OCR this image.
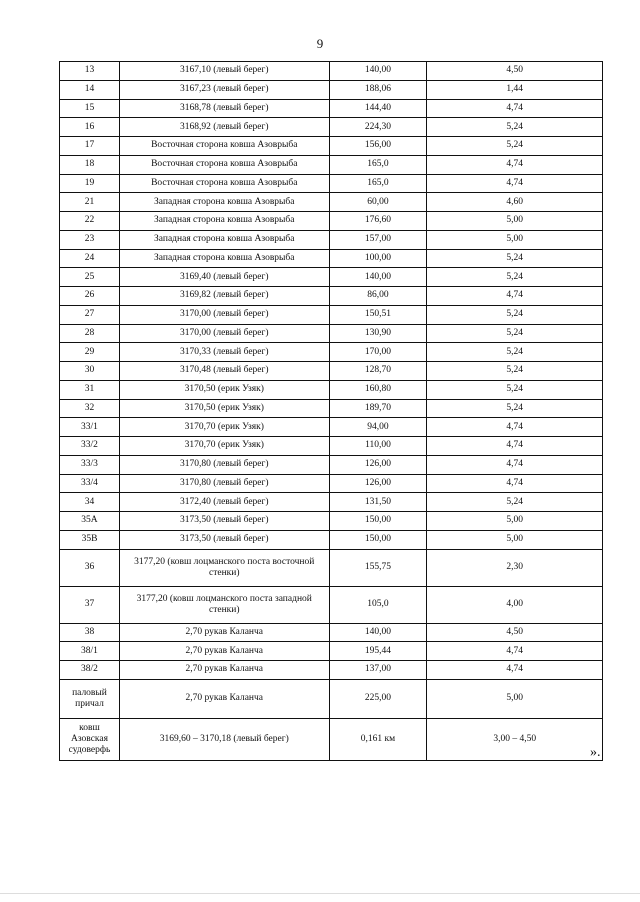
9
13	3167,10 (левый берег)	140,00	4,50
14	3167,23 (левый берег)	188,06	1,44
15	3168,78 (левый берег)	144,40	4,74
16	3168,92 (левый берег)	224,30	5,24
17	Восточная сторона ковша Азоврыба	156,00	5,24
18	Восточная сторона ковша Азоврыба	165,0	4,74
19	Восточная сторона ковша Азоврыба	165,0	4,74
21	Западная сторона ковша Азоврыба	60,00	4,60
22	Западная сторона ковша Азоврыба	176,60	5,00
23	Западная сторона ковша Азоврыба	157,00	5,00
24	Западная сторона ковша Азоврыба	100,00	5,24
25	3169,40 (левый берег)	140,00	5,24
26	3169,82 (левый берег)	86,00	4,74
27	3170,00 (левый берег)	150,51	5,24
28	3170,00 (левый берег)	130,90	5,24
29	3170,33 (левый берег)	170,00	5,24
30	3170,48 (левый берег)	128,70	5,24
31	3170,50 (ерик Узяк)	160,80	5,24
32	3170,50 (ерик Узяк)	189,70	5,24
33/1	3170,70 (ерик Узяк)	94,00	4,74
33/2	3170,70 (ерик Узяк)	110,00	4,74
33/3	3170,80 (левый берег)	126,00	4,74
33/4	3170,80 (левый берег)	126,00	4,74
34	3172,40 (левый берег)	131,50	5,24
35A	3173,50 (левый берег)	150,00	5,00
35B	3173,50 (левый берег)	150,00	5,00
36	3177,20 (ковш лоцманского поста восточной стенки)	155,75	2,30
37	3177,20 (ковш лоцманского поста западной стенки)	105,0	4,00
38	2,70 рукав Каланча	140,00	4,50
38/1	2,70 рукав Каланча	195,44	4,74
38/2	2,70 рукав Каланча	137,00	4,74
паловый причал	2,70 рукав Каланча	225,00	5,00
ковш Азовская судоверфь	3169,60 – 3170,18 (левый берег)	0,161 км	3,00 – 4,50
».
